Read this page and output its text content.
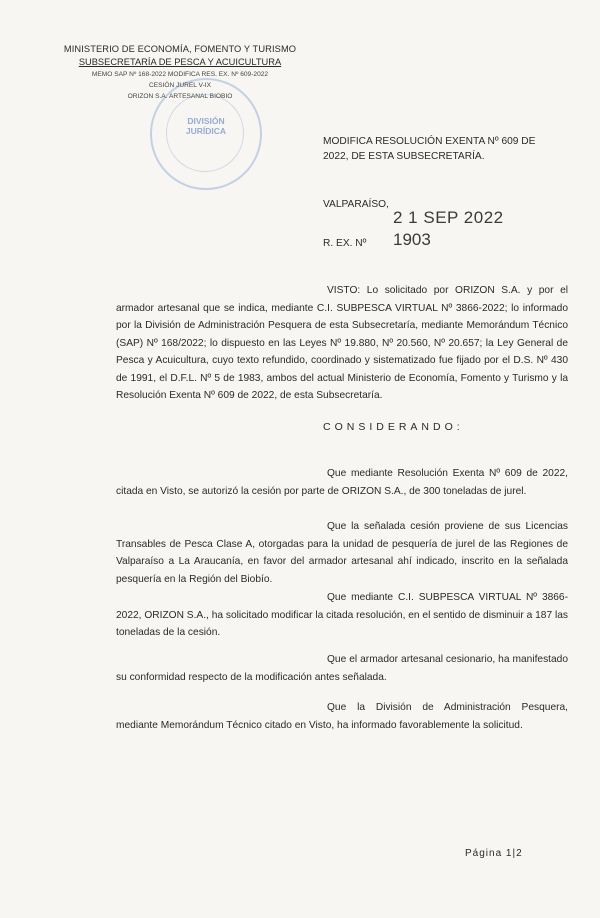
MINISTERIO DE ECONOMÍA, FOMENTO Y TURISMO
SUBSECRETARÍA DE PESCA Y ACUICULTURA
MEMO SAP Nº 168-2022 MODIFICA RES. EX. Nº 609-2022
CESIÓN JUREL V-IX
ORIZON S.A. ARTESANAL BIOBIO
DIVISIÓN
JURÍDICA
MODIFICA RESOLUCIÓN EXENTA Nº 609 DE 2022, DE ESTA SUBSECRETARÍA.
VALPARAÍSO,
2 1 SEP 2022
R. EX. Nº 1903
VISTO: Lo solicitado por ORIZON S.A. y por el armador artesanal que se indica, mediante C.I. SUBPESCA VIRTUAL Nº 3866-2022; lo informado por la División de Administración Pesquera de esta Subsecretaría, mediante Memorándum Técnico (SAP) Nº 168/2022; lo dispuesto en las Leyes Nº 19.880, Nº 20.560, Nº 20.657; la Ley General de Pesca y Acuicultura, cuyo texto refundido, coordinado y sistematizado fue fijado por el D.S. Nº 430 de 1991, el D.F.L. Nº 5 de 1983, ambos del actual Ministerio de Economía, Fomento y Turismo y la Resolución Exenta Nº 609 de 2022, de esta Subsecretaría.
CONSIDERANDO:
Que mediante Resolución Exenta Nº 609 de 2022, citada en Visto, se autorizó la cesión por parte de ORIZON S.A., de 300 toneladas de jurel.
Que la señalada cesión proviene de sus Licencias Transables de Pesca Clase A, otorgadas para la unidad de pesquería de jurel de las Regiones de Valparaíso a La Araucanía, en favor del armador artesanal ahí indicado, inscrito en la señalada pesquería en la Región del Biobío.
Que mediante C.I. SUBPESCA VIRTUAL Nº 3866- 2022, ORIZON S.A., ha solicitado modificar la citada resolución, en el sentido de disminuir a 187 las toneladas de la cesión.
Que el armador artesanal cesionario, ha manifestado su conformidad respecto de la modificación antes señalada.
Que la División de Administración Pesquera, mediante Memorándum Técnico citado en Visto, ha informado favorablemente la solicitud.
Página 1|2
